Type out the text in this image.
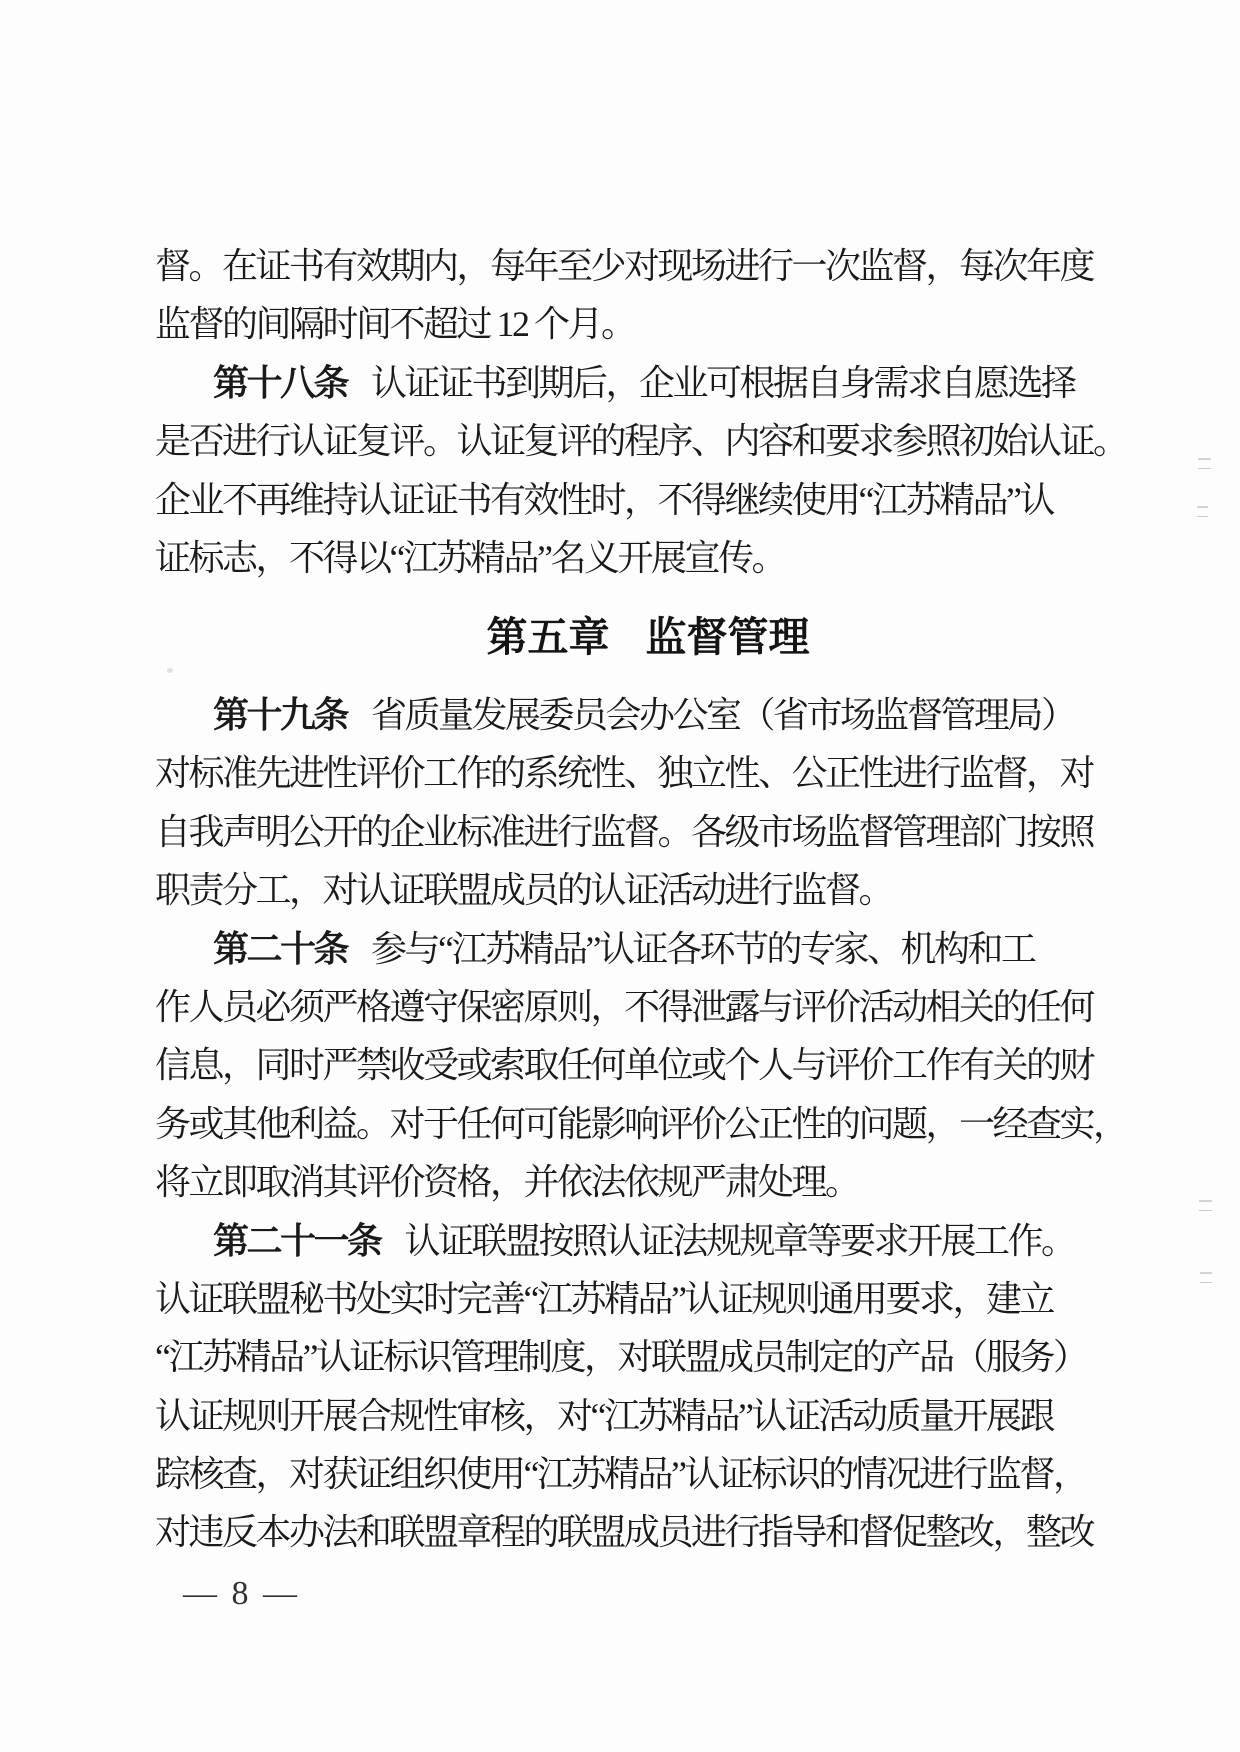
督。在证书有效期内，每年至少对现场进行一次监督，每次年度
监督的间隔时间不超过 12 个月。
第十八条 认证证书到期后，企业可根据自身需求自愿选择
是否进行认证复评。认证复评的程序、内容和要求参照初始认证。
企业不再维持认证证书有效性时，不得继续使用“江苏精品”认
证标志，不得以“江苏精品”名义开展宣传。
第五章 监督管理
第十九条 省质量发展委员会办公室（省市场监督管理局）
对标准先进性评价工作的系统性、独立性、公正性进行监督，对
自我声明公开的企业标准进行监督。各级市场监督管理部门按照
职责分工，对认证联盟成员的认证活动进行监督。
第二十条 参与“江苏精品”认证各环节的专家、机构和工
作人员必须严格遵守保密原则，不得泄露与评价活动相关的任何
信息，同时严禁收受或索取任何单位或个人与评价工作有关的财
务或其他利益。对于任何可能影响评价公正性的问题，一经查实，
将立即取消其评价资格，并依法依规严肃处理。
第二十一条 认证联盟按照认证法规规章等要求开展工作。
认证联盟秘书处实时完善“江苏精品”认证规则通用要求，建立
“江苏精品”认证标识管理制度，对联盟成员制定的产品（服务）
认证规则开展合规性审核，对“江苏精品”认证活动质量开展跟
踪核查，对获证组织使用“江苏精品”认证标识的情况进行监督，
对违反本办法和联盟章程的联盟成员进行指导和督促整改，整改
— 8 —
